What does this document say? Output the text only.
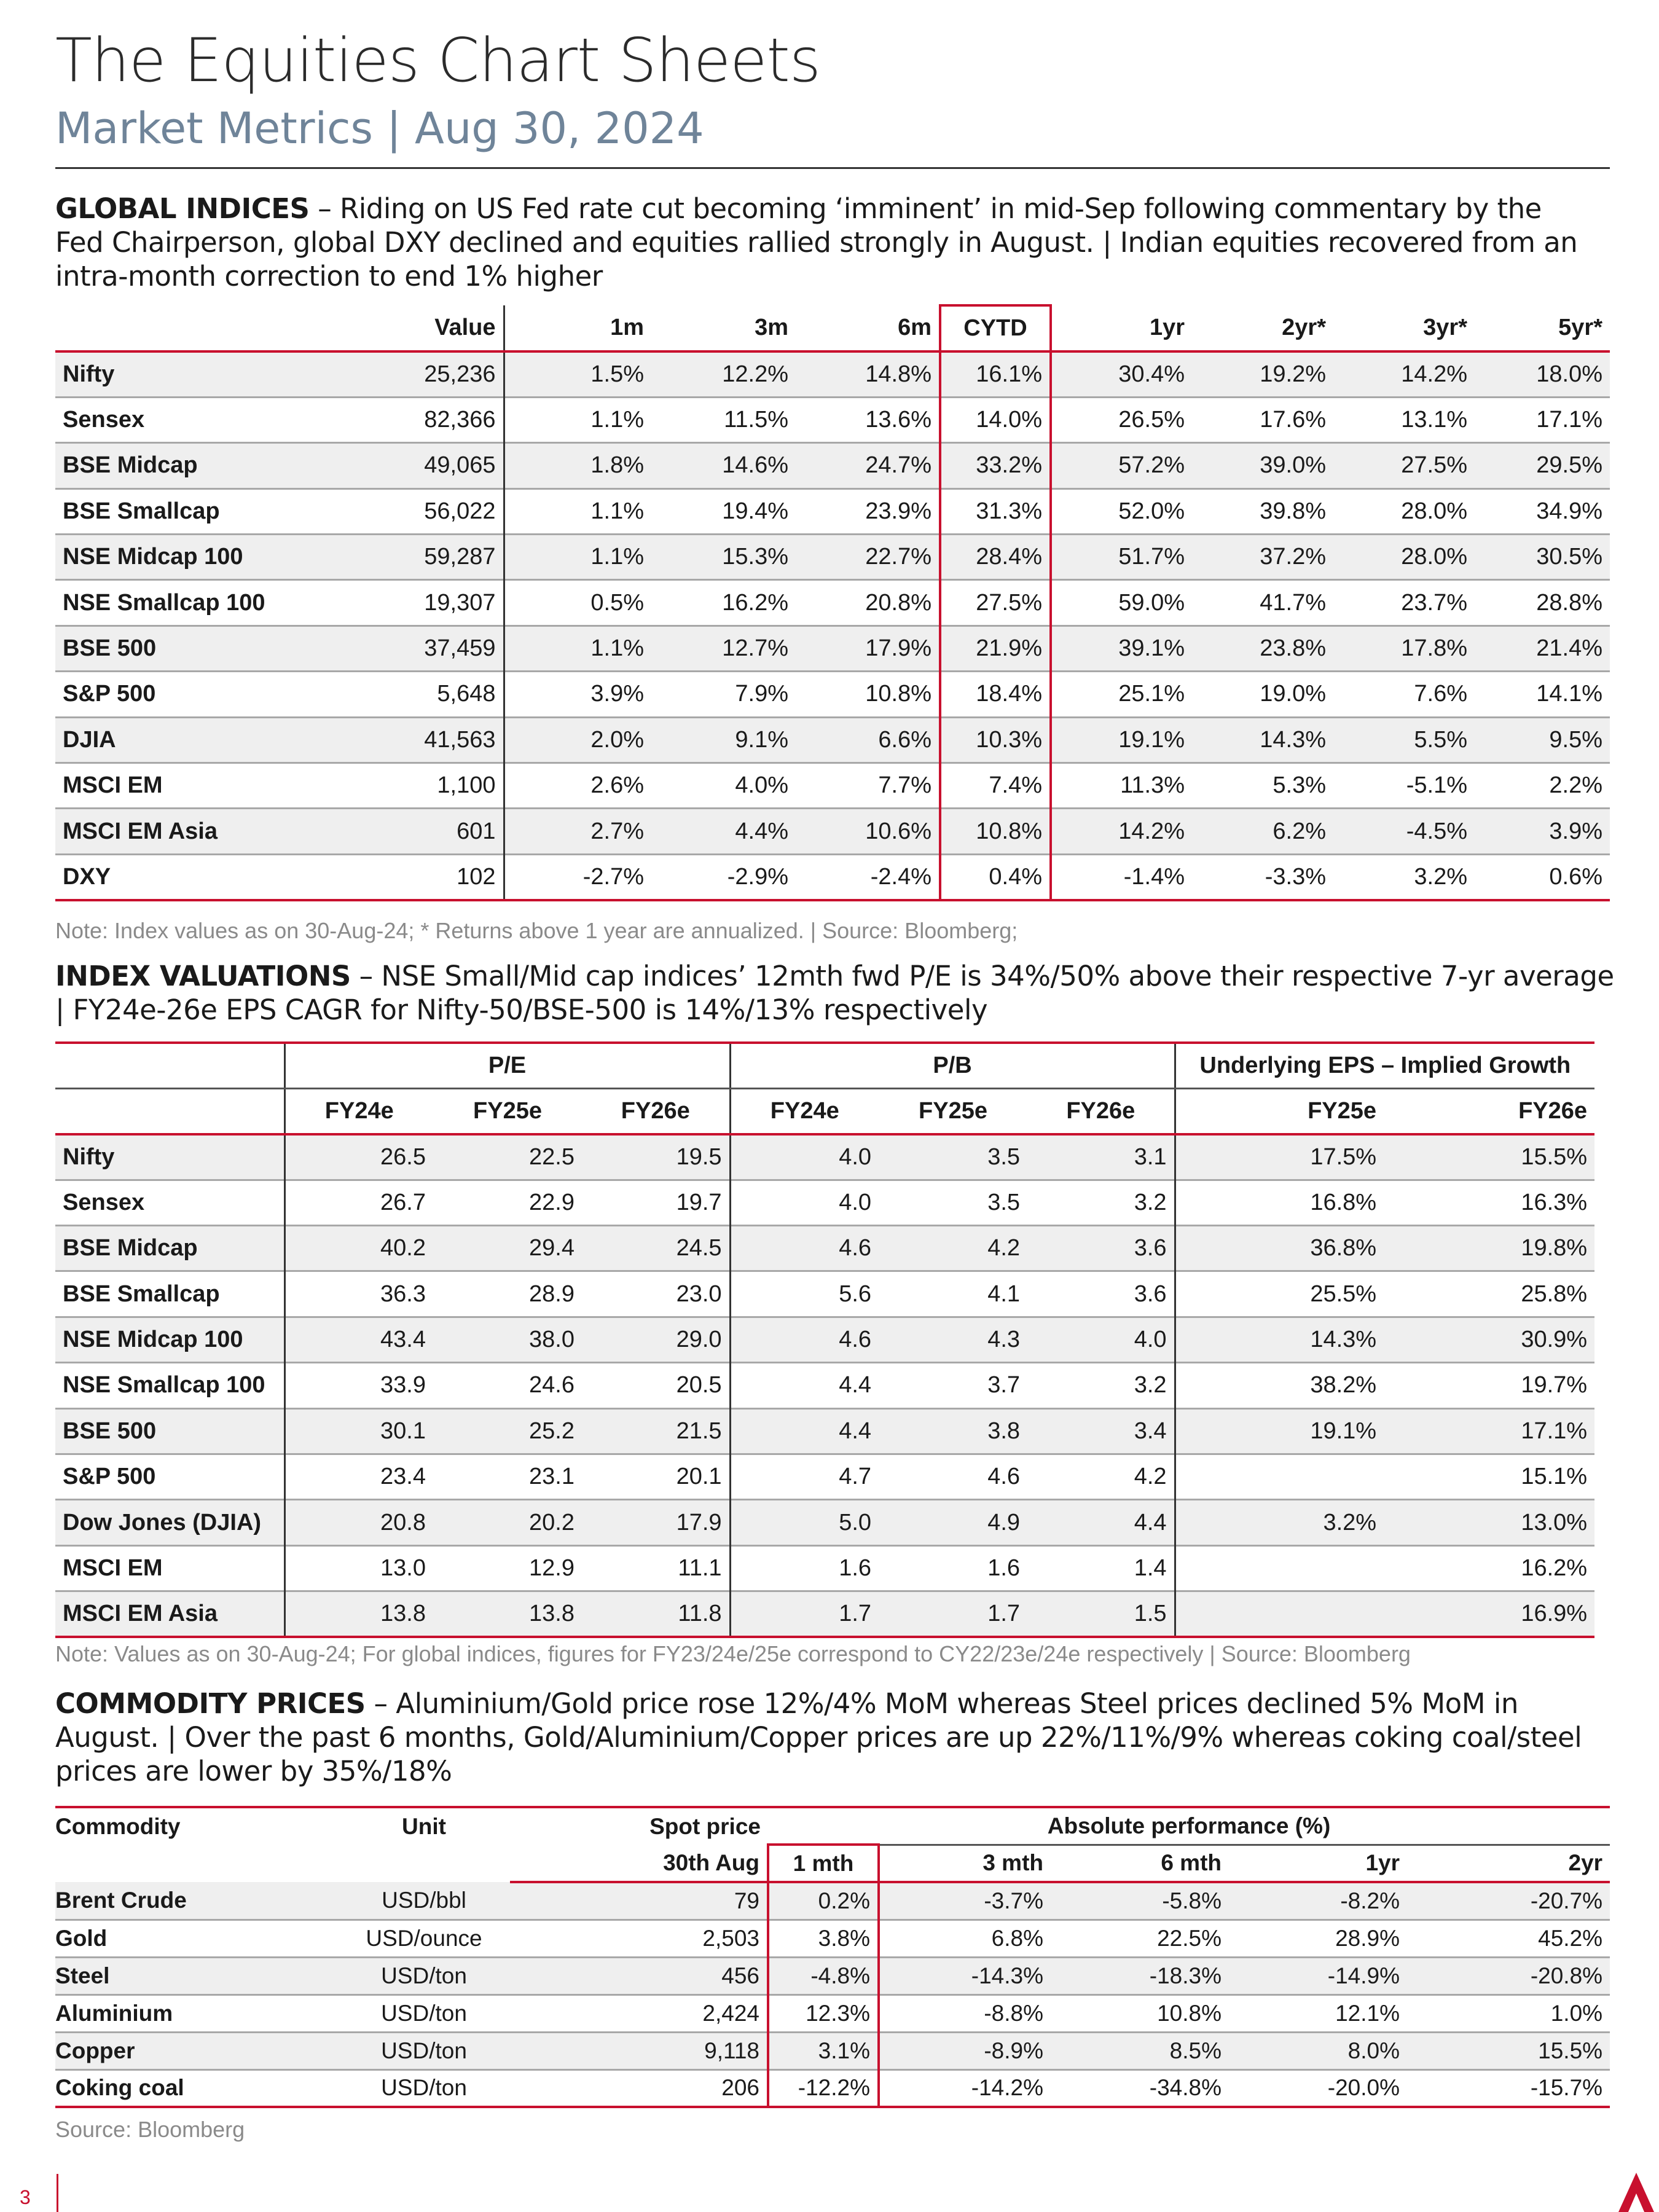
The Equities Chart Sheets
Market Metrics | Aug 30, 2024
GLOBAL INDICES – Riding on US Fed rate cut becoming ‘imminent’ in mid-Sep following commentary by the Fed Chairperson, global DXY declined and equities rallied strongly in August. | Indian equities recovered from an intra-month correction to end 1% higher
	Value	1m	3m	6m	CYTD	1yr	2yr*	3yr*	5yr*
Nifty	25,236	1.5%	12.2%	14.8%	16.1%	30.4%	19.2%	14.2%	18.0%
Sensex	82,366	1.1%	11.5%	13.6%	14.0%	26.5%	17.6%	13.1%	17.1%
BSE Midcap	49,065	1.8%	14.6%	24.7%	33.2%	57.2%	39.0%	27.5%	29.5%
BSE Smallcap	56,022	1.1%	19.4%	23.9%	31.3%	52.0%	39.8%	28.0%	34.9%
NSE Midcap 100	59,287	1.1%	15.3%	22.7%	28.4%	51.7%	37.2%	28.0%	30.5%
NSE Smallcap 100	19,307	0.5%	16.2%	20.8%	27.5%	59.0%	41.7%	23.7%	28.8%
BSE 500	37,459	1.1%	12.7%	17.9%	21.9%	39.1%	23.8%	17.8%	21.4%
S&P 500	5,648	3.9%	7.9%	10.8%	18.4%	25.1%	19.0%	7.6%	14.1%
DJIA	41,563	2.0%	9.1%	6.6%	10.3%	19.1%	14.3%	5.5%	9.5%
MSCI EM	1,100	2.6%	4.0%	7.7%	7.4%	11.3%	5.3%	-5.1%	2.2%
MSCI EM Asia	601	2.7%	4.4%	10.6%	10.8%	14.2%	6.2%	-4.5%	3.9%
DXY	102	-2.7%	-2.9%	-2.4%	0.4%	-1.4%	-3.3%	3.2%	0.6%
Note: Index values as on 30-Aug-24; * Returns above 1 year are annualized. | Source: Bloomberg;
INDEX VALUATIONS – NSE Small/Mid cap indices’ 12mth fwd P/E is 34%/50% above their respective 7-yr average | FY24e-26e EPS CAGR for Nifty-50/BSE-500 is 14%/13% respectively
	P/E			P/B			Underlying EPS – Implied Growth	
	FY24e	FY25e	FY26e	FY24e	FY25e	FY26e	FY25e	FY26e
Nifty	26.5	22.5	19.5	4.0	3.5	3.1	17.5%	15.5%
Sensex	26.7	22.9	19.7	4.0	3.5	3.2	16.8%	16.3%
BSE Midcap	40.2	29.4	24.5	4.6	4.2	3.6	36.8%	19.8%
BSE Smallcap	36.3	28.9	23.0	5.6	4.1	3.6	25.5%	25.8%
NSE Midcap 100	43.4	38.0	29.0	4.6	4.3	4.0	14.3%	30.9%
NSE Smallcap 100	33.9	24.6	20.5	4.4	3.7	3.2	38.2%	19.7%
BSE 500	30.1	25.2	21.5	4.4	3.8	3.4	19.1%	17.1%
S&P 500	23.4	23.1	20.1	4.7	4.6	4.2		15.1%
Dow Jones (DJIA)	20.8	20.2	17.9	5.0	4.9	4.4	3.2%	13.0%
MSCI EM	13.0	12.9	11.1	1.6	1.6	1.4		16.2%
MSCI EM Asia	13.8	13.8	11.8	1.7	1.7	1.5		16.9%
Note: Values as on 30-Aug-24; For global indices, figures for FY23/24e/25e correspond to CY22/23e/24e respectively | Source: Bloomberg
COMMODITY PRICES – Aluminium/Gold price rose 12%/4% MoM whereas Steel prices declined 5% MoM in August. | Over the past 6 months, Gold/Aluminium/Copper prices are up 22%/11%/9% whereas coking coal/steel prices are lower by 35%/18%
Commodity	Unit	Spot price	Absolute performance (%)				
		30th Aug	1 mth	3 mth	6 mth	1yr	2yr
Brent Crude	USD/bbl	79	0.2%	-3.7%	-5.8%	-8.2%	-20.7%
Gold	USD/ounce	2,503	3.8%	6.8%	22.5%	28.9%	45.2%
Steel	USD/ton	456	-4.8%	-14.3%	-18.3%	-14.9%	-20.8%
Aluminium	USD/ton	2,424	12.3%	-8.8%	10.8%	12.1%	1.0%
Copper	USD/ton	9,118	3.1%	-8.9%	8.5%	8.0%	15.5%
Coking coal	USD/ton	206	-12.2%	-14.2%	-34.8%	-20.0%	-15.7%
Source: Bloomberg
3
